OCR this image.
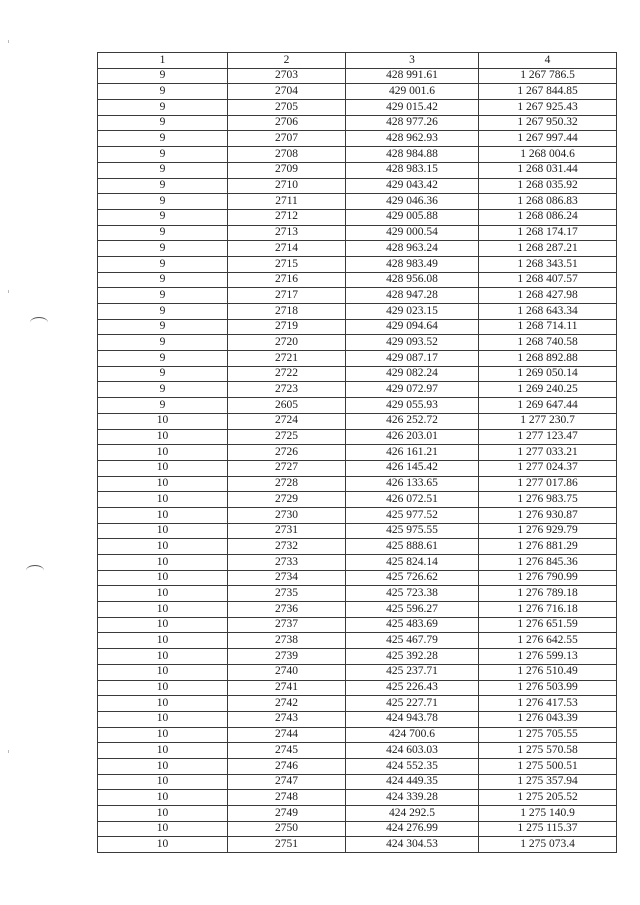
1	2	3	4
9	2703	428 991.61	1 267 786.5
9	2704	429 001.6	1 267 844.85
9	2705	429 015.42	1 267 925.43
9	2706	428 977.26	1 267 950.32
9	2707	428 962.93	1 267 997.44
9	2708	428 984.88	1 268 004.6
9	2709	428 983.15	1 268 031.44
9	2710	429 043.42	1 268 035.92
9	2711	429 046.36	1 268 086.83
9	2712	429 005.88	1 268 086.24
9	2713	429 000.54	1 268 174.17
9	2714	428 963.24	1 268 287.21
9	2715	428 983.49	1 268 343.51
9	2716	428 956.08	1 268 407.57
9	2717	428 947.28	1 268 427.98
9	2718	429 023.15	1 268 643.34
9	2719	429 094.64	1 268 714.11
9	2720	429 093.52	1 268 740.58
9	2721	429 087.17	1 268 892.88
9	2722	429 082.24	1 269 050.14
9	2723	429 072.97	1 269 240.25
9	2605	429 055.93	1 269 647.44
10	2724	426 252.72	1 277 230.7
10	2725	426 203.01	1 277 123.47
10	2726	426 161.21	1 277 033.21
10	2727	426 145.42	1 277 024.37
10	2728	426 133.65	1 277 017.86
10	2729	426 072.51	1 276 983.75
10	2730	425 977.52	1 276 930.87
10	2731	425 975.55	1 276 929.79
10	2732	425 888.61	1 276 881.29
10	2733	425 824.14	1 276 845.36
10	2734	425 726.62	1 276 790.99
10	2735	425 723.38	1 276 789.18
10	2736	425 596.27	1 276 716.18
10	2737	425 483.69	1 276 651.59
10	2738	425 467.79	1 276 642.55
10	2739	425 392.28	1 276 599.13
10	2740	425 237.71	1 276 510.49
10	2741	425 226.43	1 276 503.99
10	2742	425 227.71	1 276 417.53
10	2743	424 943.78	1 276 043.39
10	2744	424 700.6	1 275 705.55
10	2745	424 603.03	1 275 570.58
10	2746	424 552.35	1 275 500.51
10	2747	424 449.35	1 275 357.94
10	2748	424 339.28	1 275 205.52
10	2749	424 292.5	1 275 140.9
10	2750	424 276.99	1 275 115.37
10	2751	424 304.53	1 275 073.4
